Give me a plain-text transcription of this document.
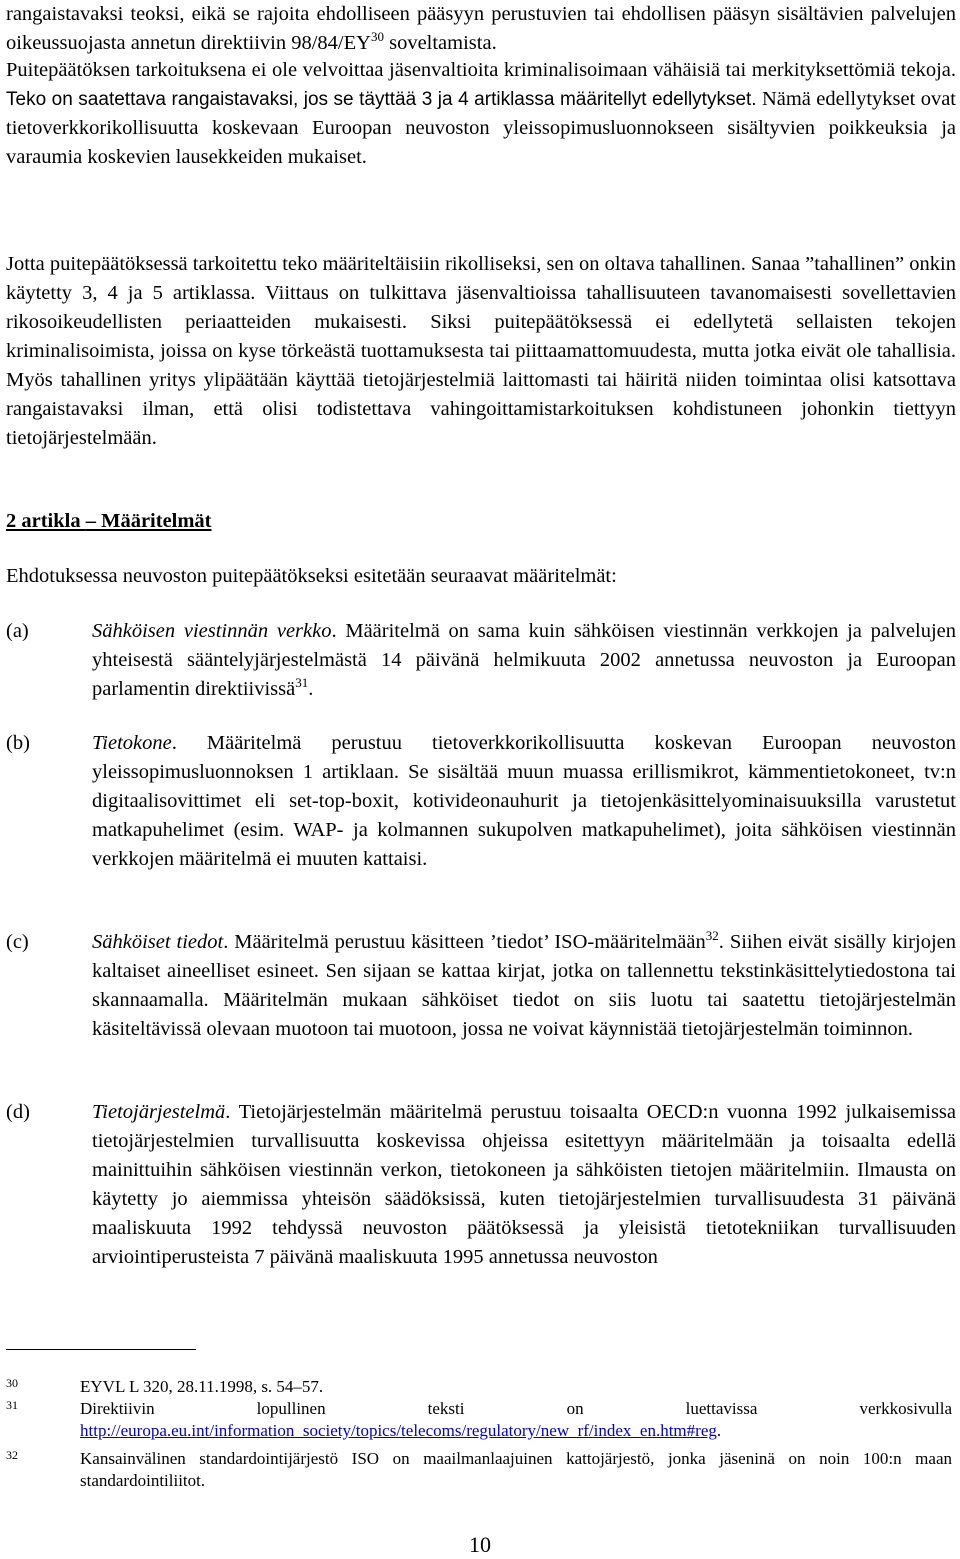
rangaistavaksi teoksi, eikä se rajoita ehdolliseen pääsyyn perustuvien tai ehdollisen pääsyn sisältävien palvelujen oikeussuojasta annetun direktiivin 98/84/EY$^{30}$ soveltamista.

Puitepäätöksen tarkoituksena ei ole velvoittaa jäsenvaltioita kriminalisoimaan vähäisiä tai merkityksettömiä tekoja. Teko on saatettava rangaistavaksi, jos se täyttää 3 ja 4 artiklassa määritellyt edellytykset. Nämä edellytykset ovat tietoverkkorikollisuutta koskevaan Euroopan neuvoston yleissopimusluonnokseen sisältyvien poikkeuksia ja varaumia koskevien lausekkeiden mukaiset.

Jotta puitepäätöksessä tarkoitettu teko määriteltäisiin rikolliseksi, sen on oltava tahallinen. Sanaa ”tahallinen” onkin käytetty 3, 4 ja 5 artiklassa. Viittaus on tulkittava jäsenvaltioissa tahallisuuteen tavanomaisesti sovellettavien rikosoikeudellisten periaatteiden mukaisesti. Siksi puitepäätöksessä ei edellytetä sellaisten tekojen kriminalisoimista, joissa on kyse törkeästä tuottamuksesta tai piittaamattomuudesta, mutta jotka eivät ole tahallisia. Myös tahallinen yritys ylipäätään käyttää tietojärjestelmiä laittomasti tai häiritä niiden toimintaa olisi katsottava rangaistavaksi ilman, että olisi todistettava vahingoittamistarkoituksen kohdistuneen johonkin tiettyyn tietojärjestelmään.

2 artikla – Määritelmät

Ehdotuksessa neuvoston puitepäätökseksi esitetään seuraavat määritelmät:

(a)	Sähköisen viestinnän verkko. Määritelmä on sama kuin sähköisen viestinnän verkkojen ja palvelujen yhteisestä sääntelyjärjestelmästä 14 päivänä helmikuuta 2002 annetussa neuvoston ja Euroopan parlamentin direktiivissä$^{31}$.

(b)	Tietokone. Määritelmä perustuu tietoverkkorikollisuutta koskevan Euroopan neuvoston yleissopimusluonnoksen 1 artiklaan. Se sisältää muun muassa erillismikrot, kämmentietokoneet, tv:n digitaalisovittimet eli set-top-boxit, kotivideonauhurit ja tietojenkäsittelyominaisuuksilla varustetut matkapuhelimet (esim. WAP- ja kolmannen sukupolven matkapuhelimet), joita sähköisen viestinnän verkkojen määritelmä ei muuten kattaisi.

(c)	Sähköiset tiedot. Määritelmä perustuu käsitteen ’tiedot’ ISO-määritelmään$^{32}$. Siihen eivät sisälly kirjojen kaltaiset aineelliset esineet. Sen sijaan se kattaa kirjat, jotka on tallennettu tekstinkäsittelytiedostona tai skannaamalla. Määritelmän mukaan sähköiset tiedot on siis luotu tai saatettu tietojärjestelmän käsiteltävissä olevaan muotoon tai muotoon, jossa ne voivat käynnistää tietojärjestelmän toiminnon.

(d)	Tietojärjestelmä. Tietojärjestelmän määritelmä perustuu toisaalta OECD:n vuonna 1992 julkaisemissa tietojärjestelmien turvallisuutta koskevissa ohjeissa esitettyyn määritelmään ja toisaalta edellä mainittuihin sähköisen viestinnän verkon, tietokoneen ja sähköisten tietojen määritelmiin. Ilmausta on käytetty jo aiemmissa yhteisön säädöksissä, kuten tietojärjestelmien turvallisuudesta 31 päivänä maaliskuuta 1992 tehdyssä neuvoston päätöksessä ja yleisistä tietotekniikan turvallisuuden arviointiperusteista 7 päivänä maaliskuuta 1995 annetussa neuvoston

30	EYVL L 320, 28.11.1998, s. 54–57.
31	Direktiivin lopullinen teksti on luettavissa verkkosivulla http://europa.eu.int/information_society/topics/telecoms/regulatory/new_rf/index_en.htm#reg.
32	Kansainvälinen standardointijärjestö ISO on maailmanlaajuinen kattojärjestö, jonka jäseninä on noin 100:n maan standardointiliitot.
10
